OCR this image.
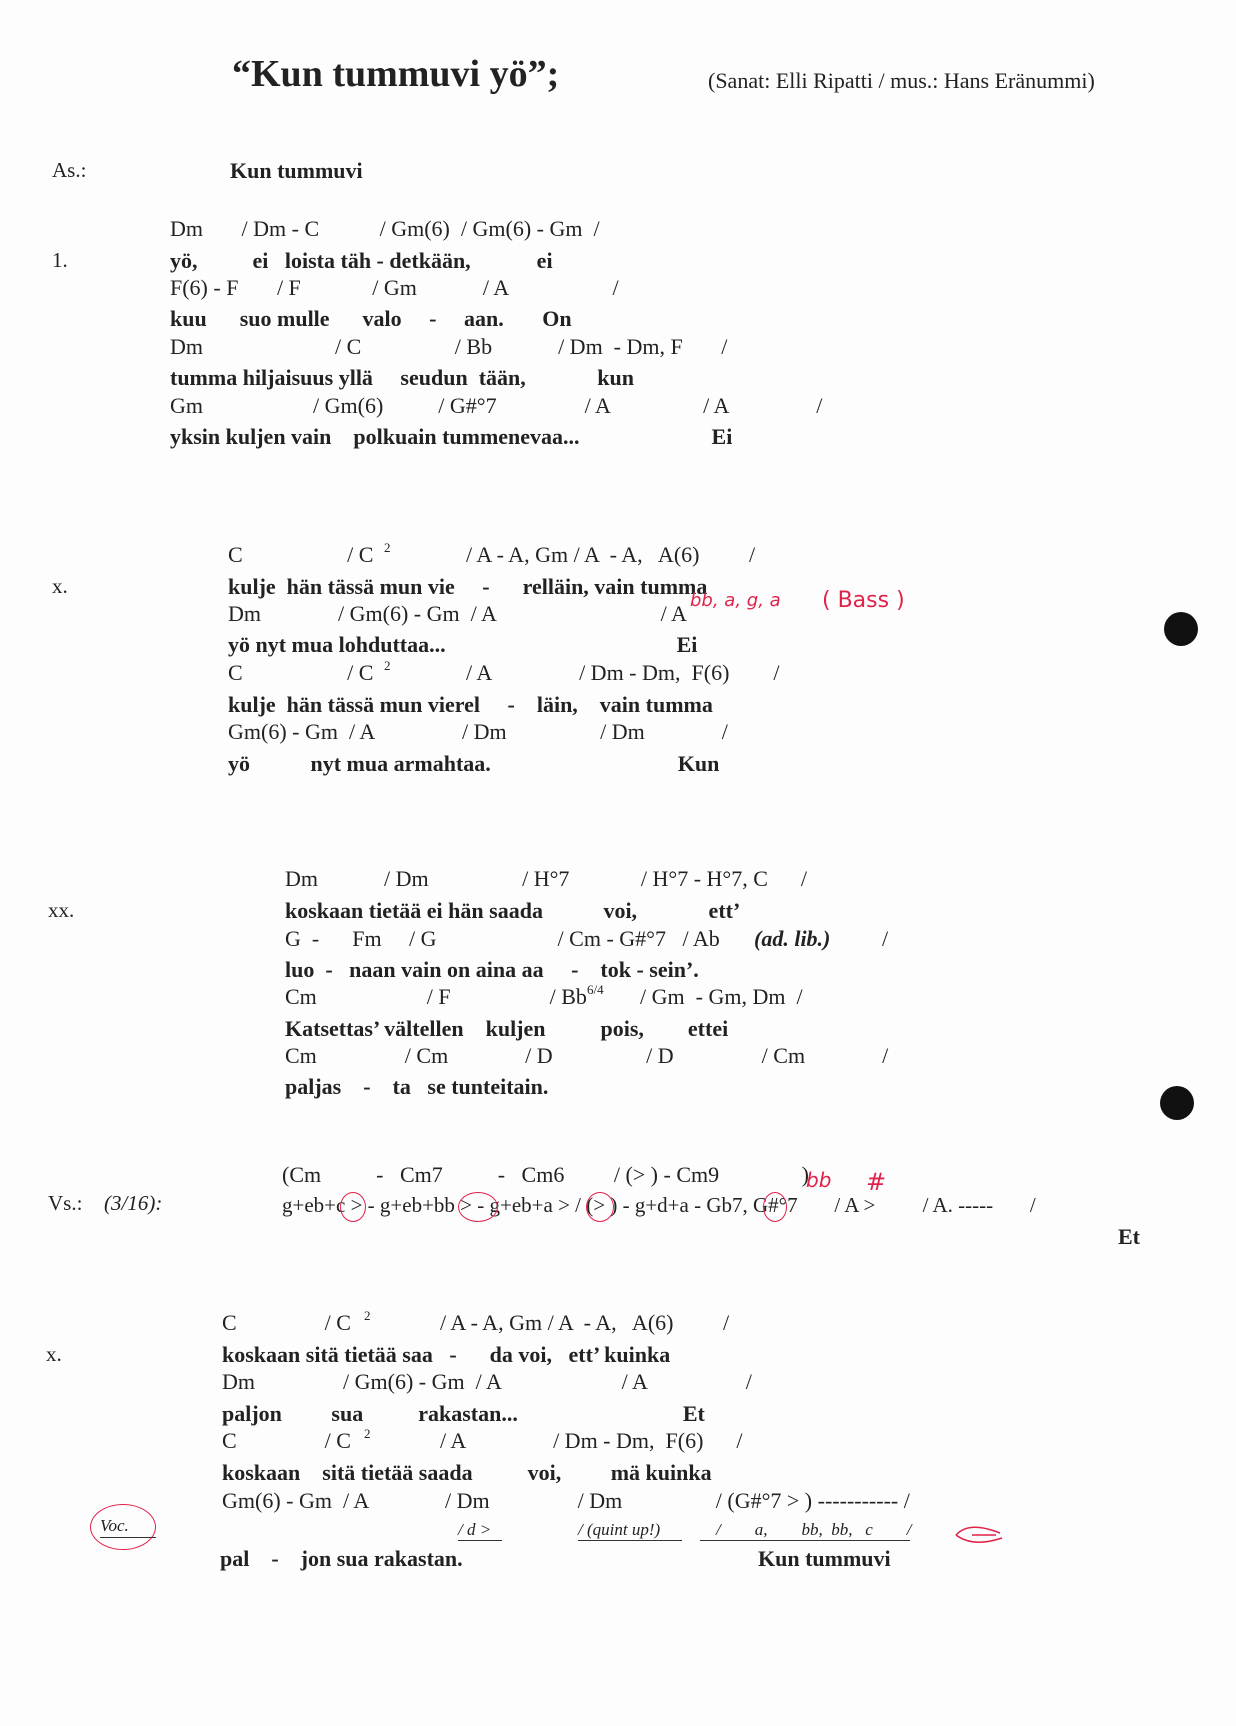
“Kun tummuvi yö”;	(Sanat: Elli Ripatti / mus.: Hans Eränummi)
As.:	Kun tummuvi
1.
Dm       / Dm - C           / Gm(6)  / Gm(6) - Gm  /
yö,          ei   loista täh - detkään,            ei
F(6) - F       / F             / Gm            / A                   /
kuu      suo mulle      valo     -     aan.       On
Dm                        / C                 / Bb            / Dm  - Dm, F       /
tumma hiljaisuus yllä     seudun  tään,             kun
Gm                    / Gm(6)          / G#°7                / A                 / A                /
yksin kuljen vain    polkuain tummenevaa...                        Ei
x.
C                   / C 2	/ A - A, Gm / A  - A,   A(6)         /
kulje  hän tässä mun vie     -      relläin, vain tumma
Dm              / Gm(6) - Gm  / A                              / A
yö nyt mua lohduttaa...                                          Ei
C                   / C 2	/ A                / Dm - Dm,  F(6)        /
kulje  hän tässä mun vierel     -    läin,    vain tumma
Gm(6) - Gm  / A                / Dm                 / Dm              /
yö           nyt mua armahtaa.                                  Kun
xx.
Dm            / Dm                 / H°7             / H°7 - H°7, C      /
koskaan tietää ei hän saada           voi,             ett’
G  -      Fm     / G                      / Cm - G#°7   / Ab (ad. lib.) /
luo  -   naan vain on aina aa     -    tok - sein’.
Cm                    / F                  / Bb 6/4 / Gm  - Gm, Dm  /
Katsettas’ vältellen    kuljen          pois,        ettei
Cm                / Cm              / D                 / D                / Cm              /
paljas    -    ta   se tunteitain.
Vs.: (3/16):
(Cm          -   Cm7          -   Cm6         / (> ) - Cm9               )
g+eb+c > - g+eb+bb > - g+eb+a > / (> ) - g+d+a - Gb7, G#°7       / A >         / A. -----       /
Et
bb #
x.
C                / C 2	/ A - A, Gm / A  - A,   A(6)         /
koskaan sitä tietää saa   -      da voi,   ett’ kuinka
Dm                / Gm(6) - Gm  / A                      / A                  /
paljon         sua          rakastan...                              Et
C                / C 2	/ A                / Dm - Dm,  F(6)      /
koskaan    sitä tietää saada          voi,         mä kuinka
Gm(6) - Gm  / A              / Dm                / Dm                 / (G#°7 > ) ----------- /
/ d >	/ (quint up!)	/        a,        bb,  bb,   c        /
pal    -    jon sua rakastan.	Kun tummuvi
Voc.
bb, a, g, a ( Bass )
